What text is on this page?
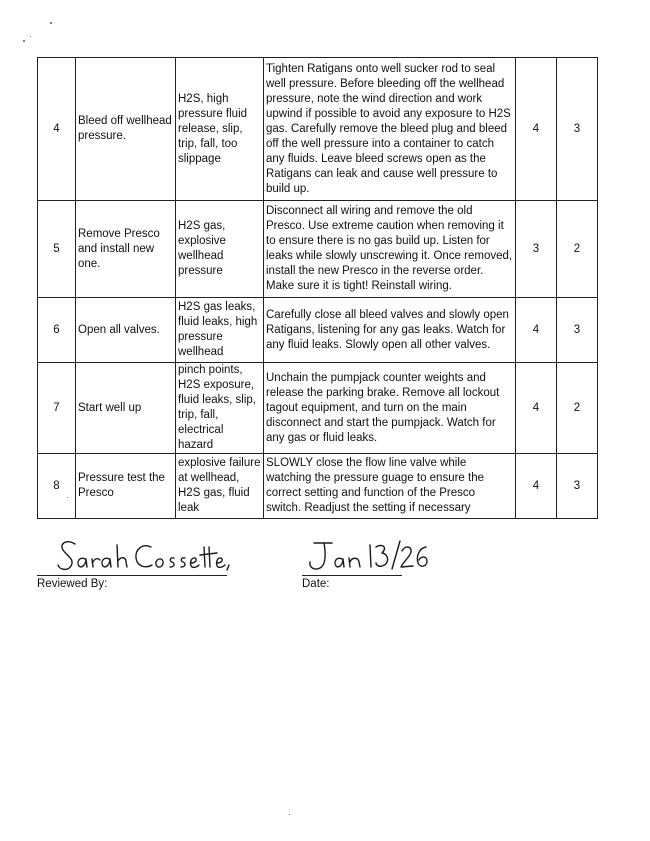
4	Bleed off wellhead pressure.	H2S, high pressure fluid release, slip, trip, fall, too slippage	Tighten Ratigans onto well sucker rod to seal well pressure. Before bleeding off the wellhead pressure, note the wind direction and work upwind if possible to avoid any exposure to H2S gas. Carefully remove the bleed plug and bleed off the well pressure into a container to catch any fluids. Leave bleed screws open as the Ratigans can leak and cause well pressure to build up.	4	3
5	Remove Presco and install new one.	H2S gas, explosive wellhead pressure	Disconnect all wiring and remove the old Presco. Use extreme caution when removing it to ensure there is no gas build up. Listen for leaks while slowly unscrewing it. Once removed, install the new Presco in the reverse order. Make sure it is tight! Reinstall wiring.	3	2
6	Open all valves.	H2S gas leaks, fluid leaks, high pressure wellhead	Carefully close all bleed valves and slowly open Ratigans, listening for any gas leaks. Watch for any fluid leaks. Slowly open all other valves.	4	3
7	Start well up	pinch points, H2S exposure, fluid leaks, slip, trip, fall, electrical hazard	Unchain the pumpjack counter weights and release the parking brake. Remove all lockout tagout equipment, and turn on the main disconnect and start the pumpjack. Watch for any gas or fluid leaks.	4	2
8	Pressure test the Presco	explosive failure at wellhead, H2S gas, fluid leak	SLOWLY close the flow line valve while watching the pressure guage to ensure the correct setting and function of the Presco switch. Readjust the setting if necessary	4	3
Reviewed By:	Date:
